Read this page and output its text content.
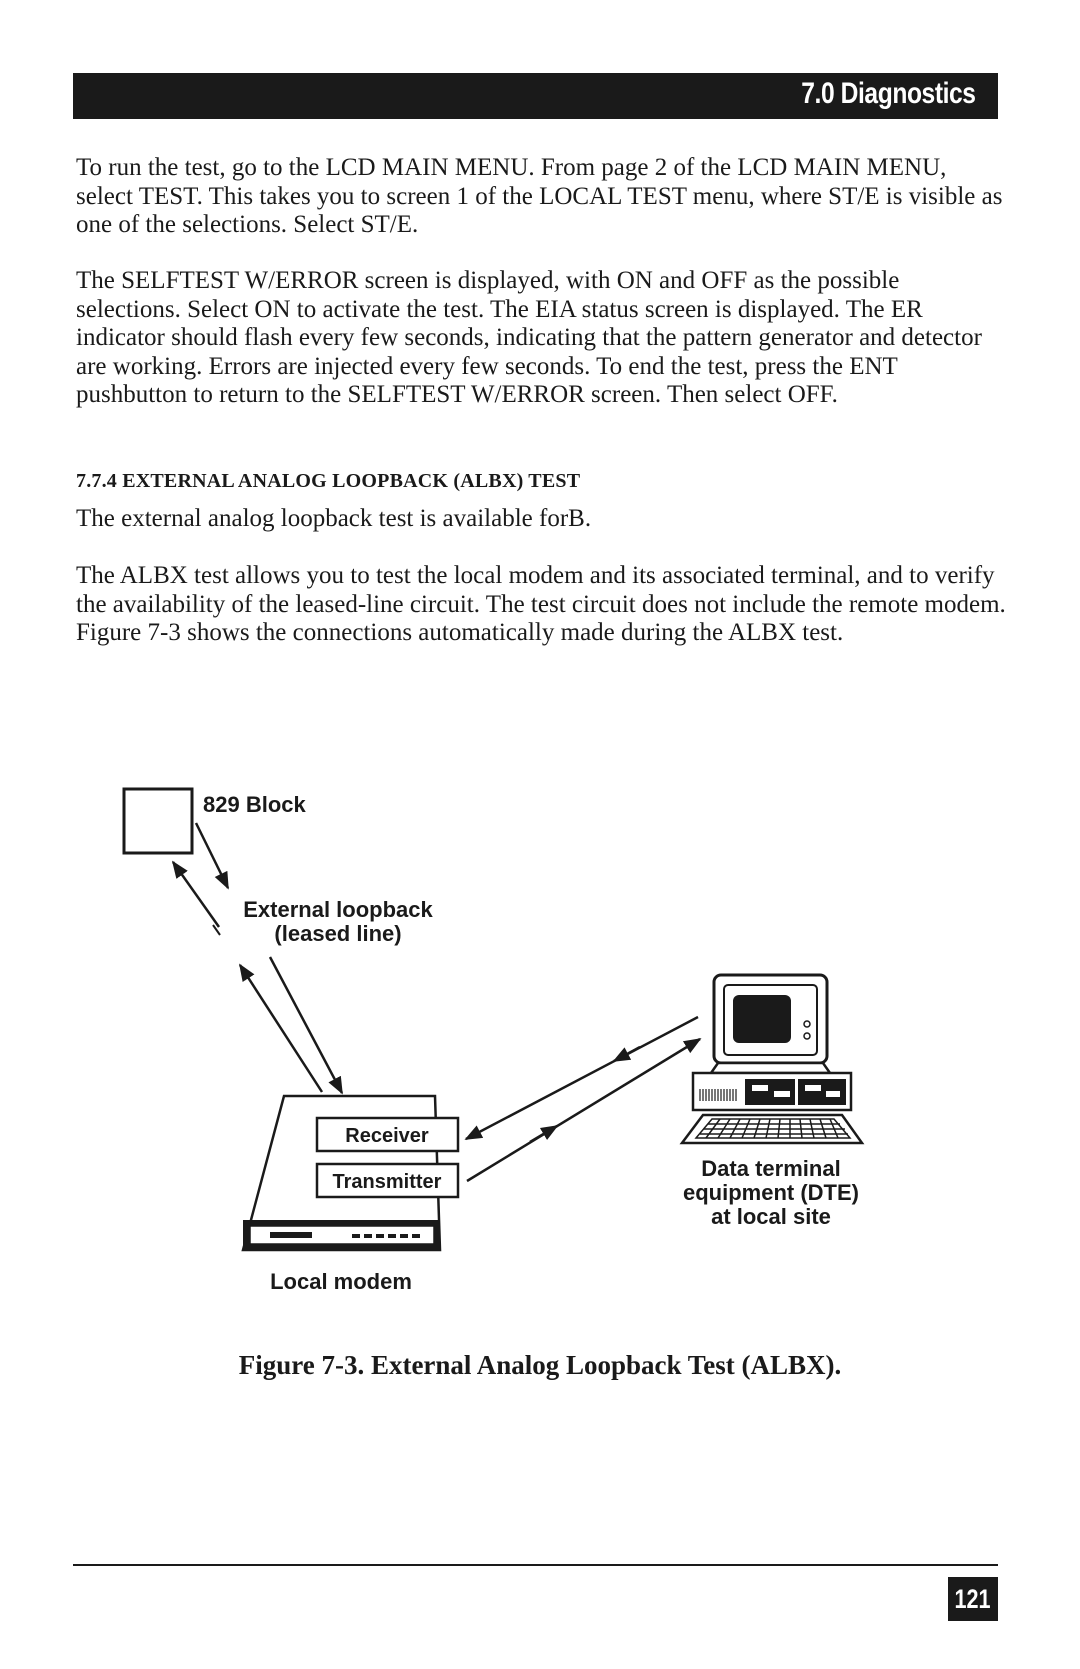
7.0 Diagnostics

To run the test, go to the LCD MAIN MENU. From page 2 of the LCD MAIN MENU, select TEST. This takes you to screen 1 of the LOCAL TEST menu, where ST/E is visible as one of the selections. Select ST/E.

The SELFTEST W/ERROR screen is displayed, with ON and OFF as the possible selections. Select ON to activate the test. The EIA status screen is displayed. The ER indicator should flash every few seconds, indicating that the pattern generator and detector are working. Errors are injected every few seconds. To end the test, press the ENT pushbutton to return to the SELFTEST W/ERROR screen. Then select OFF.

7.7.4 EXTERNAL ANALOG LOOPBACK (ALBX) TEST

The external analog loopback test is available forB.

The ALBX test allows you to test the local modem and its associated terminal, and to verify the availability of the leased-line circuit. The test circuit does not include the remote modem. Figure 7-3 shows the connections automatically made during the ALBX test.

829 Block
External loopback
(leased line)
Receiver
Transmitter
Local modem
Data terminal
equipment (DTE)
at local site

Figure 7-3. External Analog Loopback Test (ALBX).

121
